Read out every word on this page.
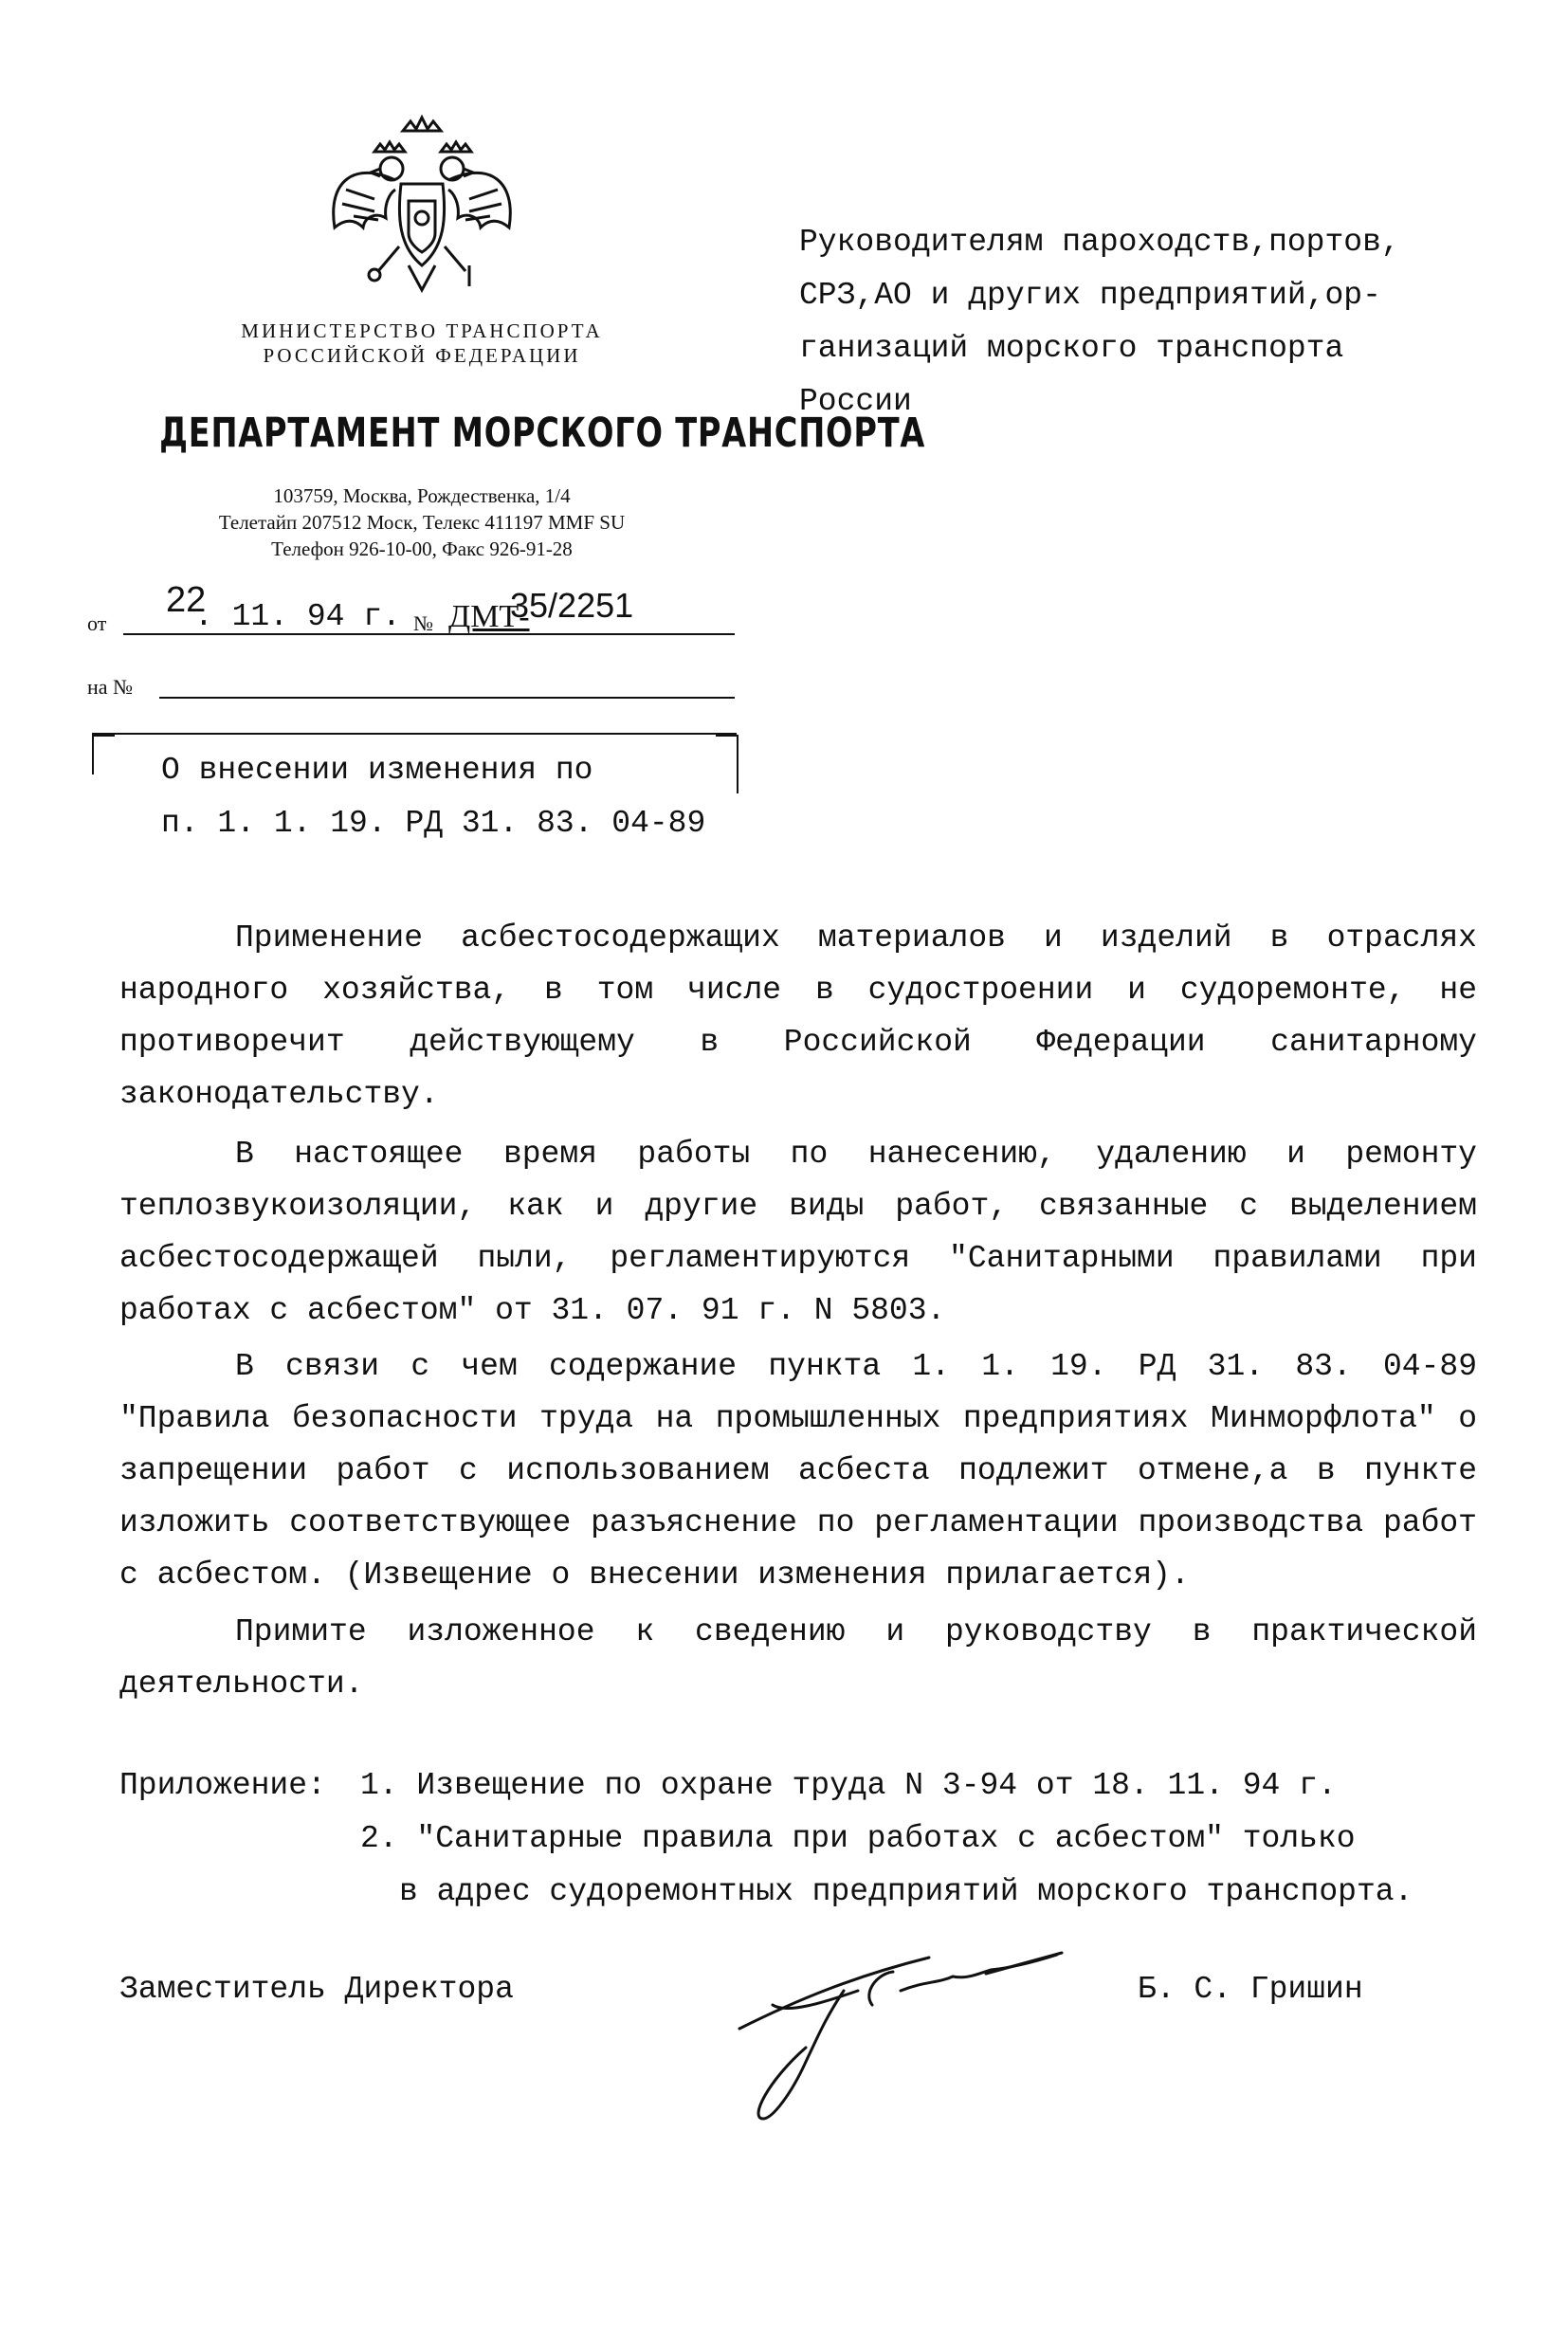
МИНИСТЕРСТВО ТРАНСПОРТА
РОССИЙСКОЙ ФЕДЕРАЦИИ
ДЕПАРТАМЕНТ МОРСКОГО ТРАНСПОРТА
103759, Москва, Рождественка, 1/4
Телетайп 207512 Моск, Телекс 411197 MMF SU
Телефон 926-10-00, Факс 926-91-28
от
22
. 11. 94 г. № ДМТ-
35/2251
на №
Руководителям пароходств,портов,
СРЗ,АО и других предприятий,ор-
ганизаций морского транспорта
России
О внесении изменения по
п. 1. 1. 19. РД 31. 83. 04-89
Применение асбестосодержащих материалов и изделий в отраслях народного хозяйства, в том числе в судостроении и судоремонте, не противоречит действующему в Российской Федерации санитарному законодательству.
В настоящее время работы по нанесению, удалению и ремонту теплозвукоизоляции, как и другие виды работ, связанные с выделением асбестосодержащей пыли, регламентируются "Санитарными правилами при работах с асбестом" от 31. 07. 91 г. N 5803.
В связи с чем содержание пункта 1. 1. 19. РД 31. 83. 04-89 "Правила безопасности труда на промышленных предприятиях Минморфлота" о запрещении работ с использованием асбеста подлежит отмене,а в пункте изложить соответствующее разъяснение по регламентации производства работ с асбестом. (Извещение о внесении изменения прилагается).
Примите изложенное к сведению и руководству в практической деятельности.
Приложение: 1. Извещение по охране труда N 3-94 от 18. 11. 94 г.
2. "Санитарные правила при работах с асбестом" только
в адрес судоремонтных предприятий морского транспорта.
Заместитель Директора	Б. С. Гришин
